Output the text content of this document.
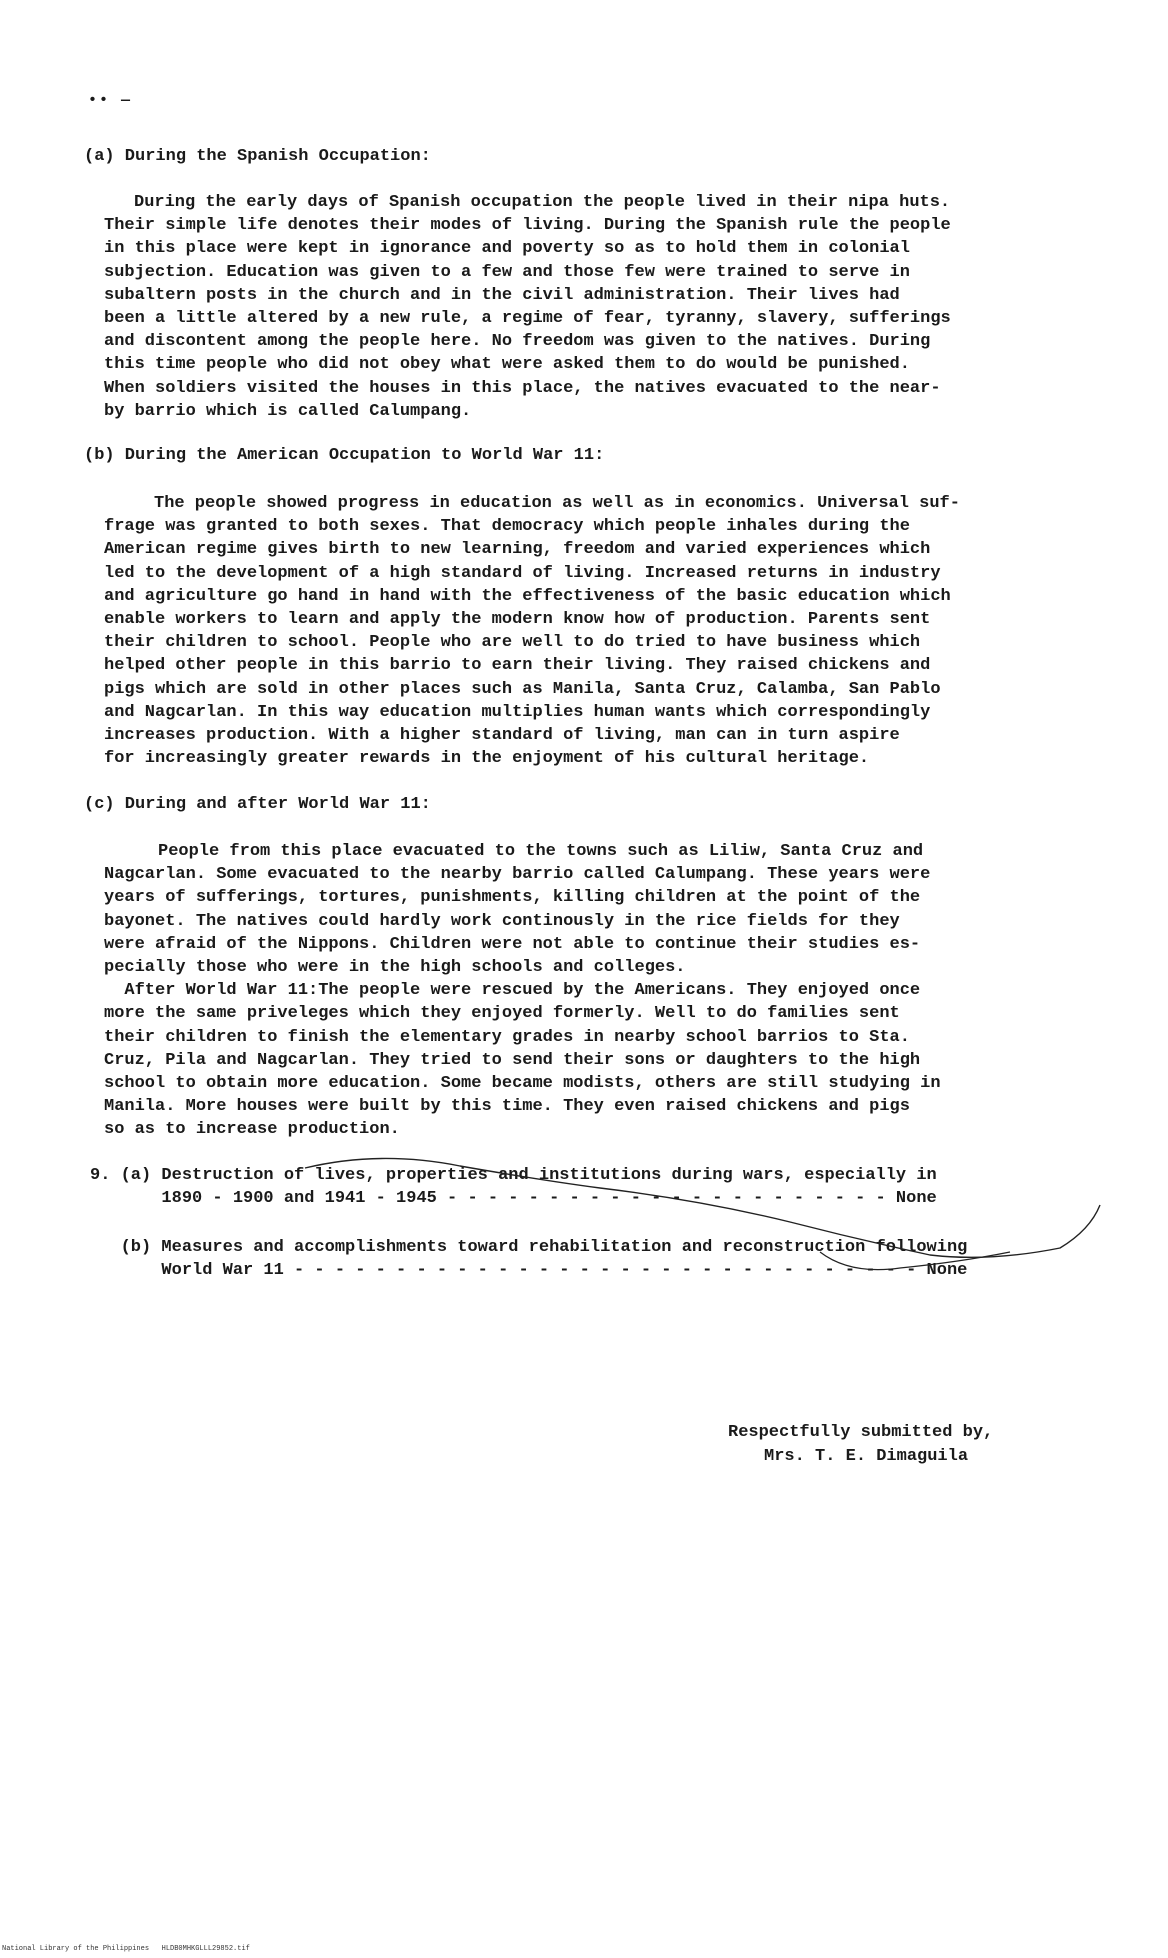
•• —
(a) During the Spanish Occupation:
During the early days of Spanish occupation the people lived in their nipa huts.
Their simple life denotes their modes of living. During the Spanish rule the people
in this place were kept in ignorance and poverty so as to hold them in colonial
subjection. Education was given to a few and those few were trained to serve in
subaltern posts in the church and in the civil administration. Their lives had
been a little altered by a new rule, a regime of fear, tyranny, slavery, sufferings
and discontent among the people here. No freedom was given to the natives. During
this time people who did not obey what were asked them to do would be punished.
When soldiers visited the houses in this place, the natives evacuated to the near-
by barrio which is called Calumpang.
(b) During the American Occupation to World War 11:
The people showed progress in education as well as in economics. Universal suf-
frage was granted to both sexes. That democracy which people inhales during the
American regime gives birth to new learning, freedom and varied experiences which
led to the development of a high standard of living. Increased returns in industry
and agriculture go hand in hand with the effectiveness of the basic education which
enable workers to learn and apply the modern know how of production. Parents sent
their children to school. People who are well to do tried to have business which
helped other people in this barrio to earn their living. They raised chickens and
pigs which are sold in other places such as Manila, Santa Cruz, Calamba, San Pablo
and Nagcarlan. In this way education multiplies human wants which correspondingly
increases production. With a higher standard of living, man can in turn aspire
for increasingly greater rewards in the enjoyment of his cultural heritage.
(c) During and after World War 11:
People from this place evacuated to the towns such as Liliw, Santa Cruz and
Nagcarlan. Some evacuated to the nearby barrio called Calumpang. These years were
years of sufferings, tortures, punishments, killing children at the point of the
bayonet. The natives could hardly work continously in the rice fields for they
were afraid of the Nippons. Children were not able to continue their studies es-
pecially those who were in the high schools and colleges.
After World War 11:The people were rescued by the Americans. They enjoyed once
more the same priveleges which they enjoyed formerly. Well to do families sent
their children to finish the elementary grades in nearby school barrios to Sta.
Cruz, Pila and Nagcarlan. They tried to send their sons or daughters to the high
school to obtain more education. Some became modists, others are still studying in
Manila. More houses were built by this time. They even raised chickens and pigs
so as to increase production.
9. (a) Destruction of lives, properties and institutions during wars, especially in
1890 - 1900 and 1941 - 1945 - - - - - - - - - - - - - - - - - - - - - - None
(b) Measures and accomplishments toward rehabilitation and reconstruction following
World War 11 - - - - - - - - - - - - - - - - - - - - - - - - - - - - - - - None
Respectfully submitted by,
Mrs. T. E. Dimaguila
National Library of the Philippines   HLDB0MHKGLLL29852.tif
